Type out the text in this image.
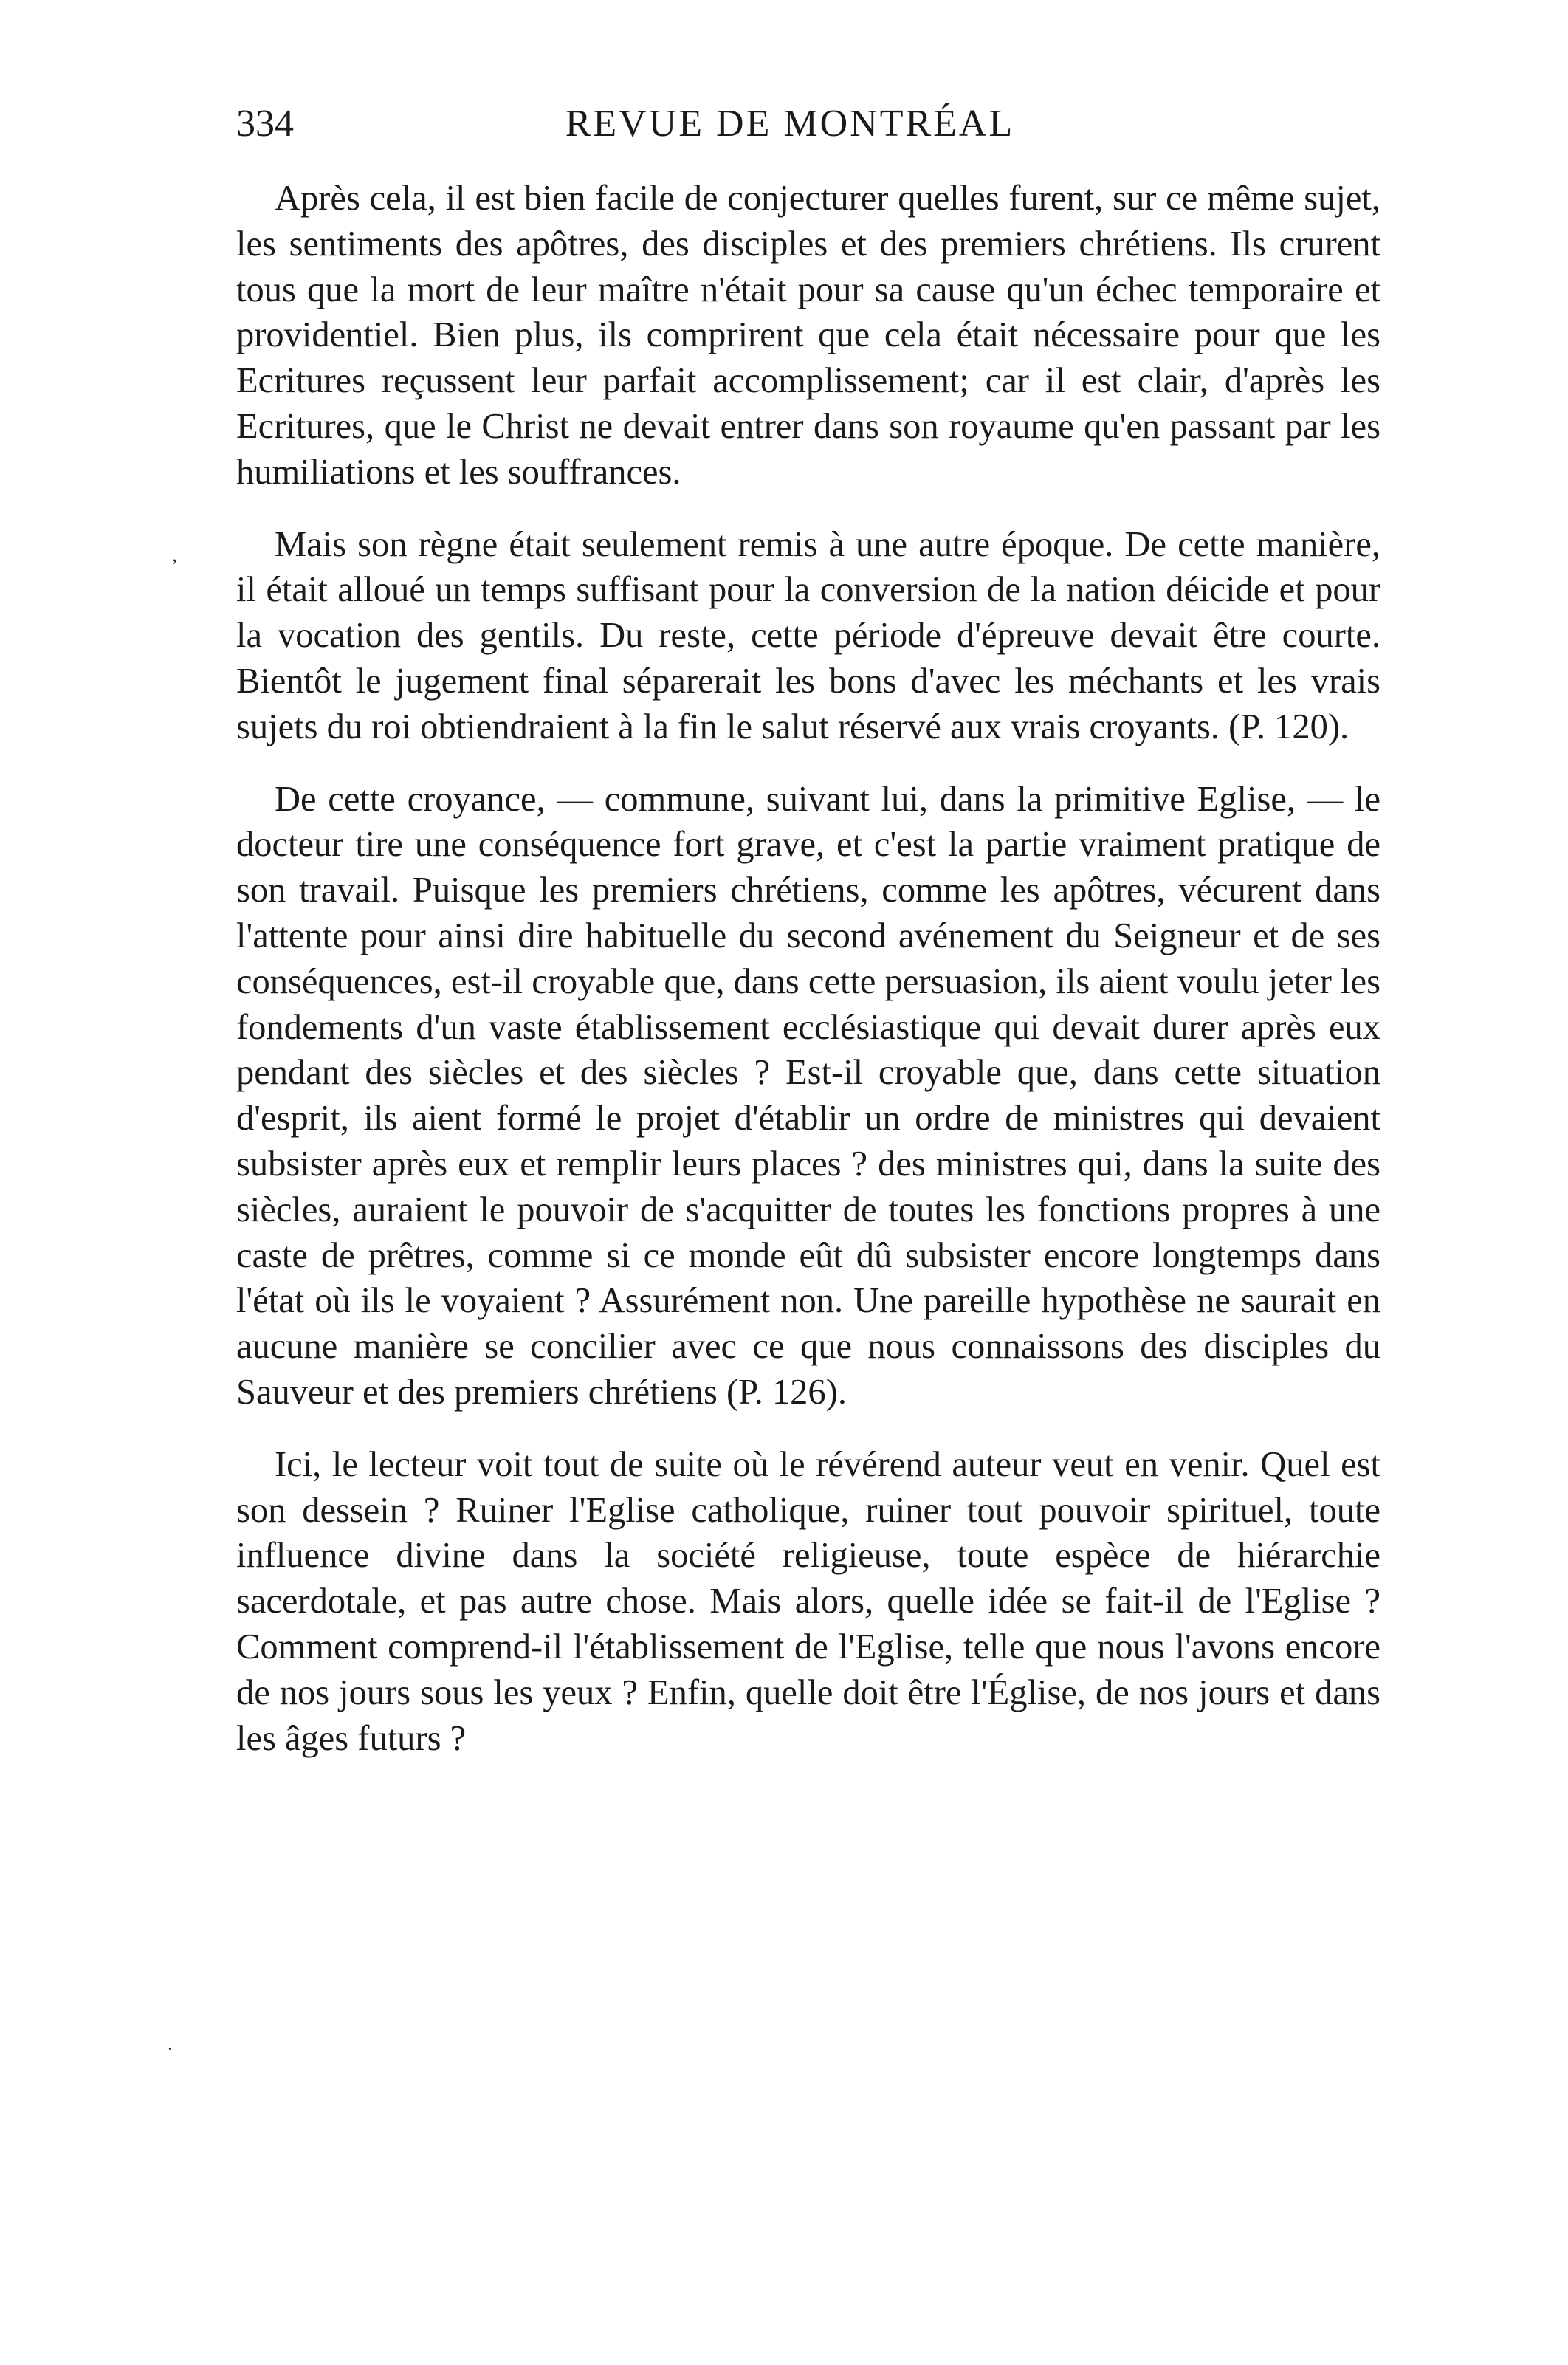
334	REVUE DE MONTRÉAL

Après cela, il est bien facile de conjecturer quelles furent, sur ce même sujet, les sentiments des apôtres, des disciples et des premiers chrétiens. Ils crurent tous que la mort de leur maître n'était pour sa cause qu'un échec temporaire et providentiel. Bien plus, ils comprirent que cela était nécessaire pour que les Ecritures reçussent leur parfait accomplissement; car il est clair, d'après les Ecritures, que le Christ ne devait entrer dans son royaume qu'en passant par les humiliations et les souffrances.

Mais son règne était seulement remis à une autre époque. De cette manière, il était alloué un temps suffisant pour la conversion de la nation déicide et pour la vocation des gentils. Du reste, cette période d'épreuve devait être courte. Bientôt le jugement final séparerait les bons d'avec les méchants et les vrais sujets du roi obtiendraient à la fin le salut réservé aux vrais croyants. (P. 120).

De cette croyance, — commune, suivant lui, dans la primitive Eglise, — le docteur tire une conséquence fort grave, et c'est la partie vraiment pratique de son travail. Puisque les premiers chrétiens, comme les apôtres, vécurent dans l'attente pour ainsi dire habituelle du second avénement du Seigneur et de ses conséquences, est-il croyable que, dans cette persuasion, ils aient voulu jeter les fondements d'un vaste établissement ecclésiastique qui devait durer après eux pendant des siècles et des siècles ? Est-il croyable que, dans cette situation d'esprit, ils aient formé le projet d'établir un ordre de ministres qui devaient subsister après eux et remplir leurs places ? des ministres qui, dans la suite des siècles, auraient le pouvoir de s'acquitter de toutes les fonctions propres à une caste de prêtres, comme si ce monde eût dû subsister encore longtemps dans l'état où ils le voyaient ? Assurément non. Une pareille hypothèse ne saurait en aucune manière se concilier avec ce que nous connaissons des disciples du Sauveur et des premiers chrétiens (P. 126).

Ici, le lecteur voit tout de suite où le révérend auteur veut en venir. Quel est son dessein ? Ruiner l'Eglise catholique, ruiner tout pouvoir spirituel, toute influence divine dans la société religieuse, toute espèce de hiérarchie sacerdotale, et pas autre chose. Mais alors, quelle idée se fait-il de l'Eglise ? Comment comprend-il l'établissement de l'Eglise, telle que nous l'avons encore de nos jours sous les yeux ? Enfin, quelle doit être l'Église, de nos jours et dans les âges futurs ?

’
·
